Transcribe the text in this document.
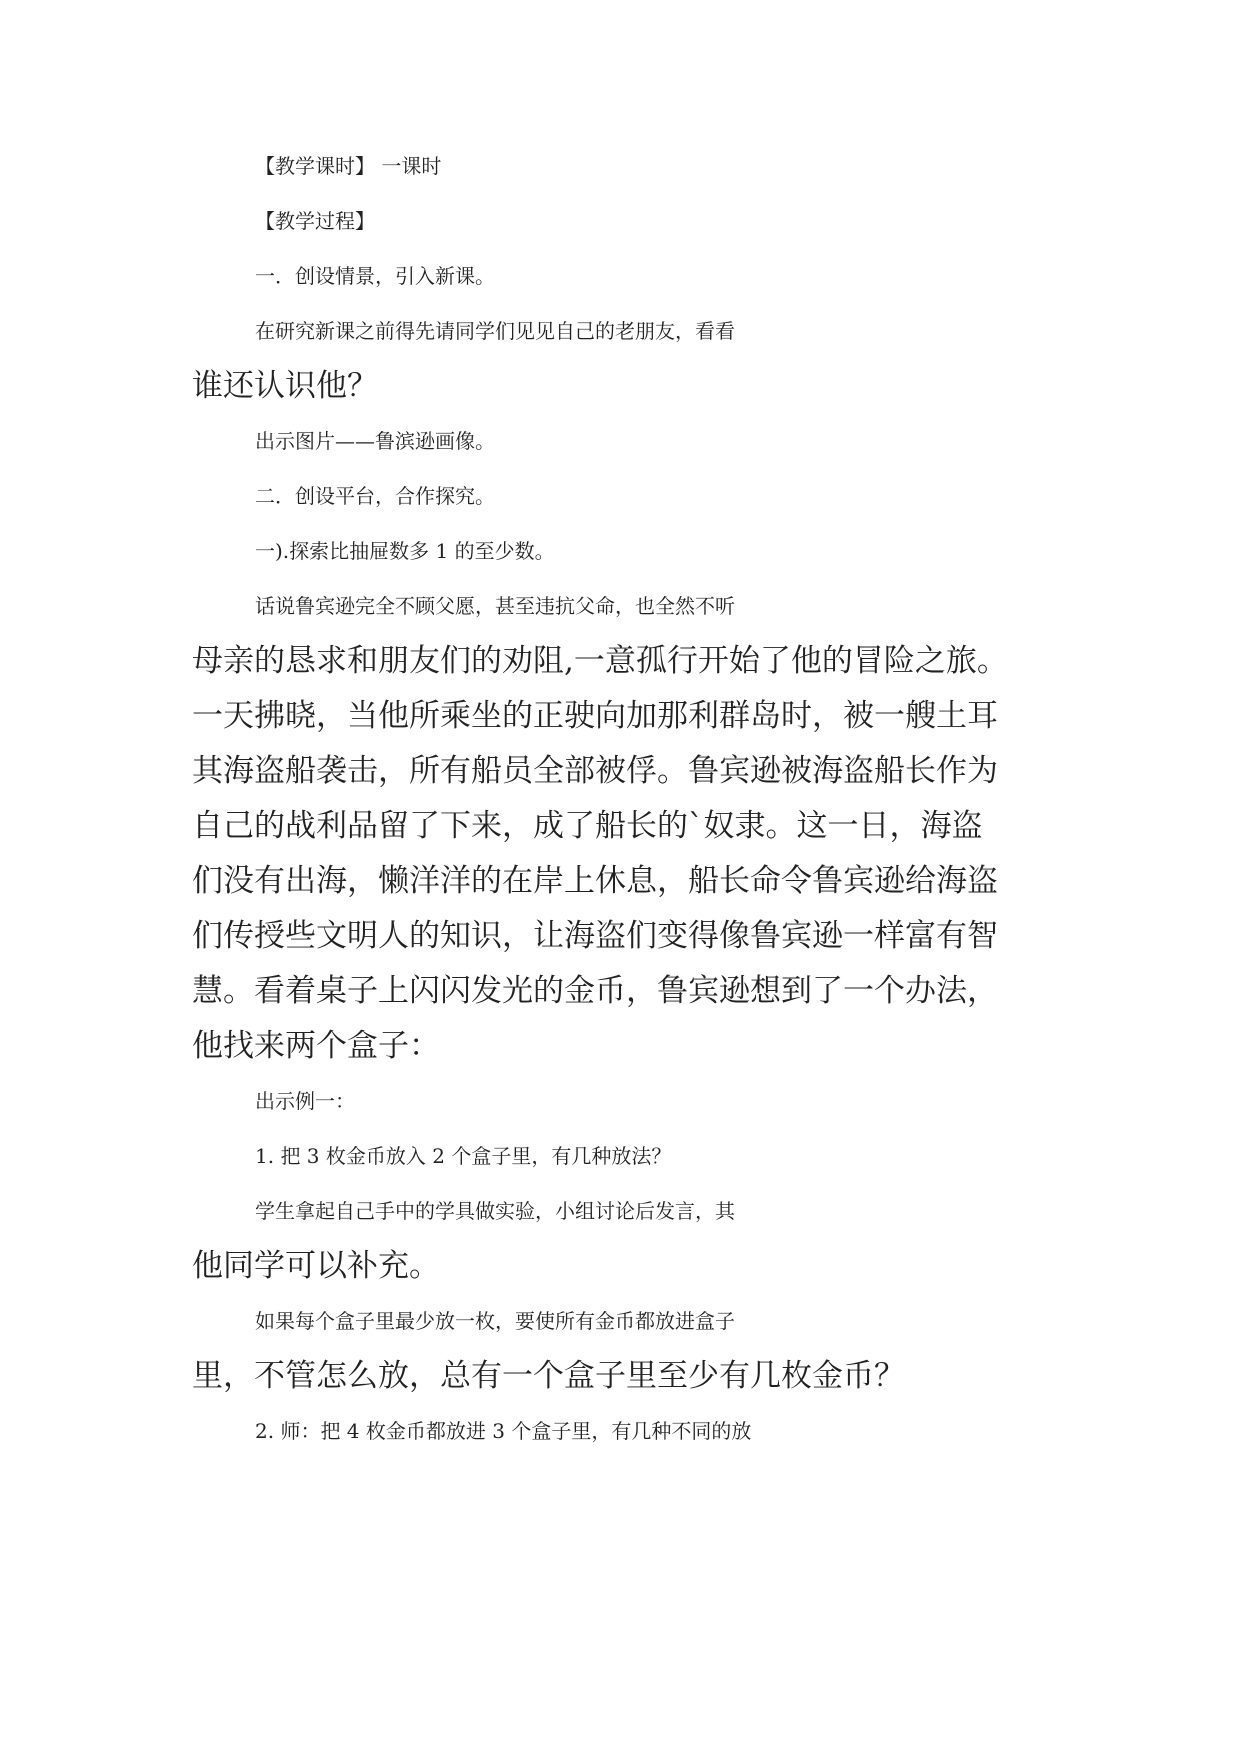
【教学课时】 一课时
【教学过程】
一．创设情景，引入新课。
在研究新课之前得先请同学们见见自己的老朋友，看看
谁还认识他？
出示图片——鲁滨逊画像。
二．创设平台，合作探究。
一).探索比抽屉数多 1 的至少数。
话说鲁宾逊完全不顾父愿，甚至违抗父命，也全然不听
母亲的恳求和朋友们的劝阻,一意孤行开始了他的冒险之旅。
一天拂晓，当他所乘坐的正驶向加那利群岛时，被一艘土耳
其海盗船袭击，所有船员全部被俘。鲁宾逊被海盗船长作为
自己的战利品留了下来，成了船长的`奴隶。这一日，海盗
们没有出海，懒洋洋的在岸上休息，船长命令鲁宾逊给海盗
们传授些文明人的知识，让海盗们变得像鲁宾逊一样富有智
慧。看着桌子上闪闪发光的金币，鲁宾逊想到了一个办法，
他找来两个盒子：
出示例一：
1. 把 3 枚金币放入 2 个盒子里，有几种放法？
学生拿起自己手中的学具做实验，小组讨论后发言，其
他同学可以补充。
如果每个盒子里最少放一枚，要使所有金币都放进盒子
里，不管怎么放，总有一个盒子里至少有几枚金币？
2. 师：把 4 枚金币都放进 3 个盒子里，有几种不同的放
